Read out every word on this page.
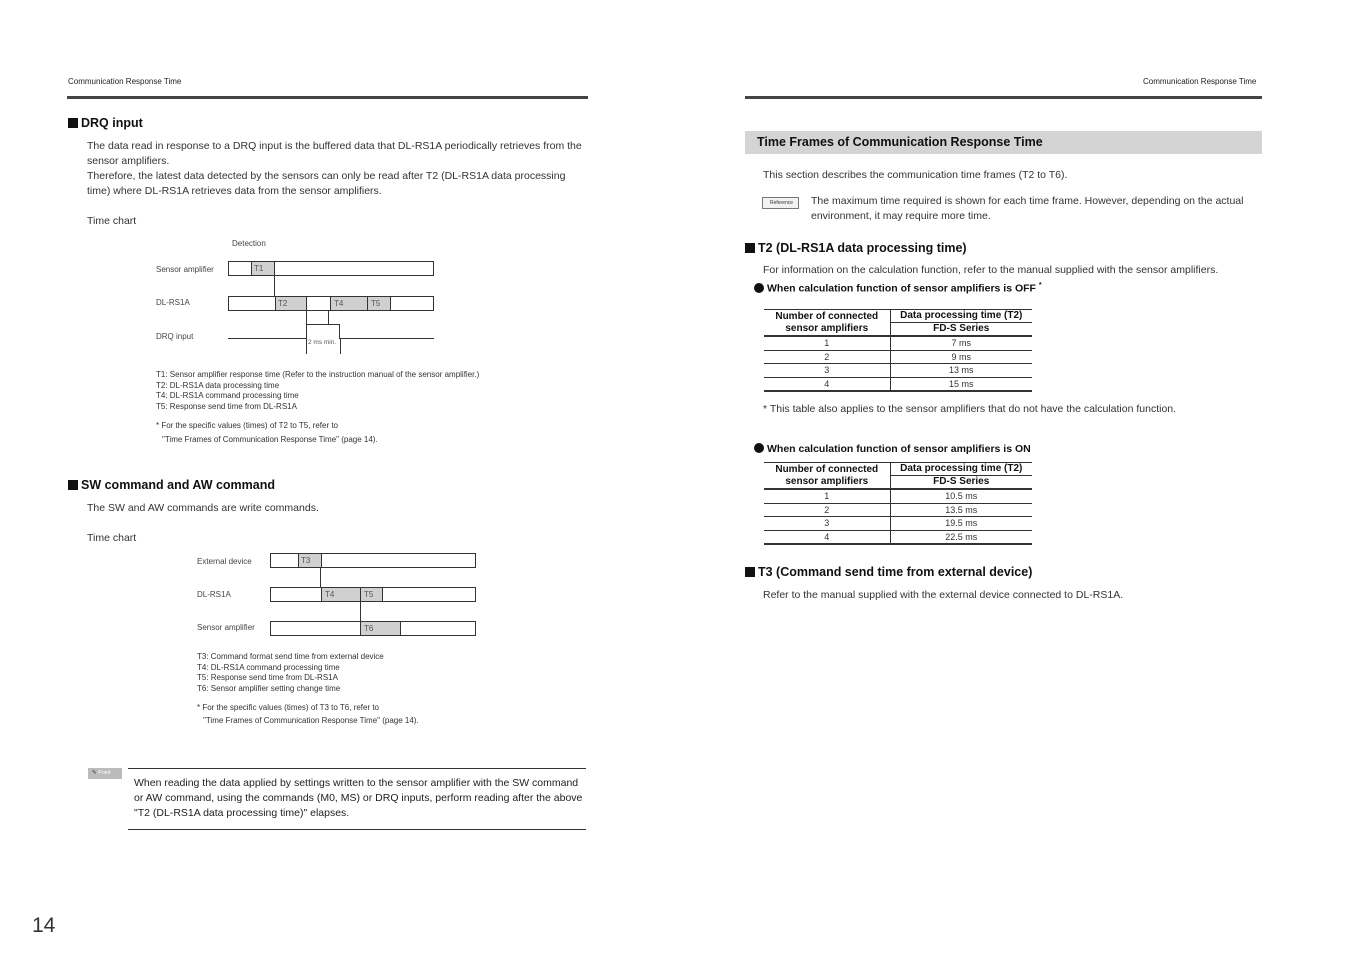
Communication Response Time
DRQ input
The data read in response to a DRQ input is the buffered data that DL-RS1A periodically retrieves from the sensor amplifiers.
Therefore, the latest data detected by the sensors can only be read after T2 (DL-RS1A data processing time) where DL-RS1A retrieves data from the sensor amplifiers.
Time chart
Detection
Sensor amplifier
DL-RS1A
DRQ input
T1
T2	T4	T5
2 ms min.
T1: Sensor amplifier response time (Refer to the instruction manual of the sensor amplifier.)
T2: DL-RS1A data processing time
T4: DL-RS1A command processing time
T5: Response send time from DL-RS1A
* For the specific values (times) of T2 to T5, refer to
"Time Frames of Communication Response Time" (page 14).
SW command and AW command
The SW and AW commands are write commands.
Time chart
External device
DL-RS1A
Sensor amplifier
T3
T4	T5
T6
T3: Command format send time from external device
T4: DL-RS1A command processing time
T5: Response send time from DL-RS1A
T6: Sensor amplifier setting change time
* For the specific values (times) of T3 to T6, refer to
"Time Frames of Communication Response Time" (page 14).
✎ Point
When reading the data applied by settings written to the sensor amplifier with the SW command or AW command, using the commands (M0, MS) or DRQ inputs, perform reading after the above "T2 (DL-RS1A data processing time)" elapses.
14
Communication Response Time
Time Frames of Communication Response Time
This section describes the communication time frames (T2 to T6).
Reference	The maximum time required is shown for each time frame. However, depending on the actual environment, it may require more time.
T2 (DL-RS1A data processing time)
For information on the calculation function, refer to the manual supplied with the sensor amplifiers.
When calculation function of sensor amplifiers is OFF *
Number of connected sensor amplifiers	Data processing time (T2)
	FD-S Series
1	7 ms
2	9 ms
3	13 ms
4	15 ms
* This table also applies to the sensor amplifiers that do not have the calculation function.
When calculation function of sensor amplifiers is ON
Number of connected sensor amplifiers	Data processing time (T2)
	FD-S Series
1	10.5 ms
2	13.5 ms
3	19.5 ms
4	22.5 ms
T3 (Command send time from external device)
Refer to the manual supplied with the external device connected to DL-RS1A.
